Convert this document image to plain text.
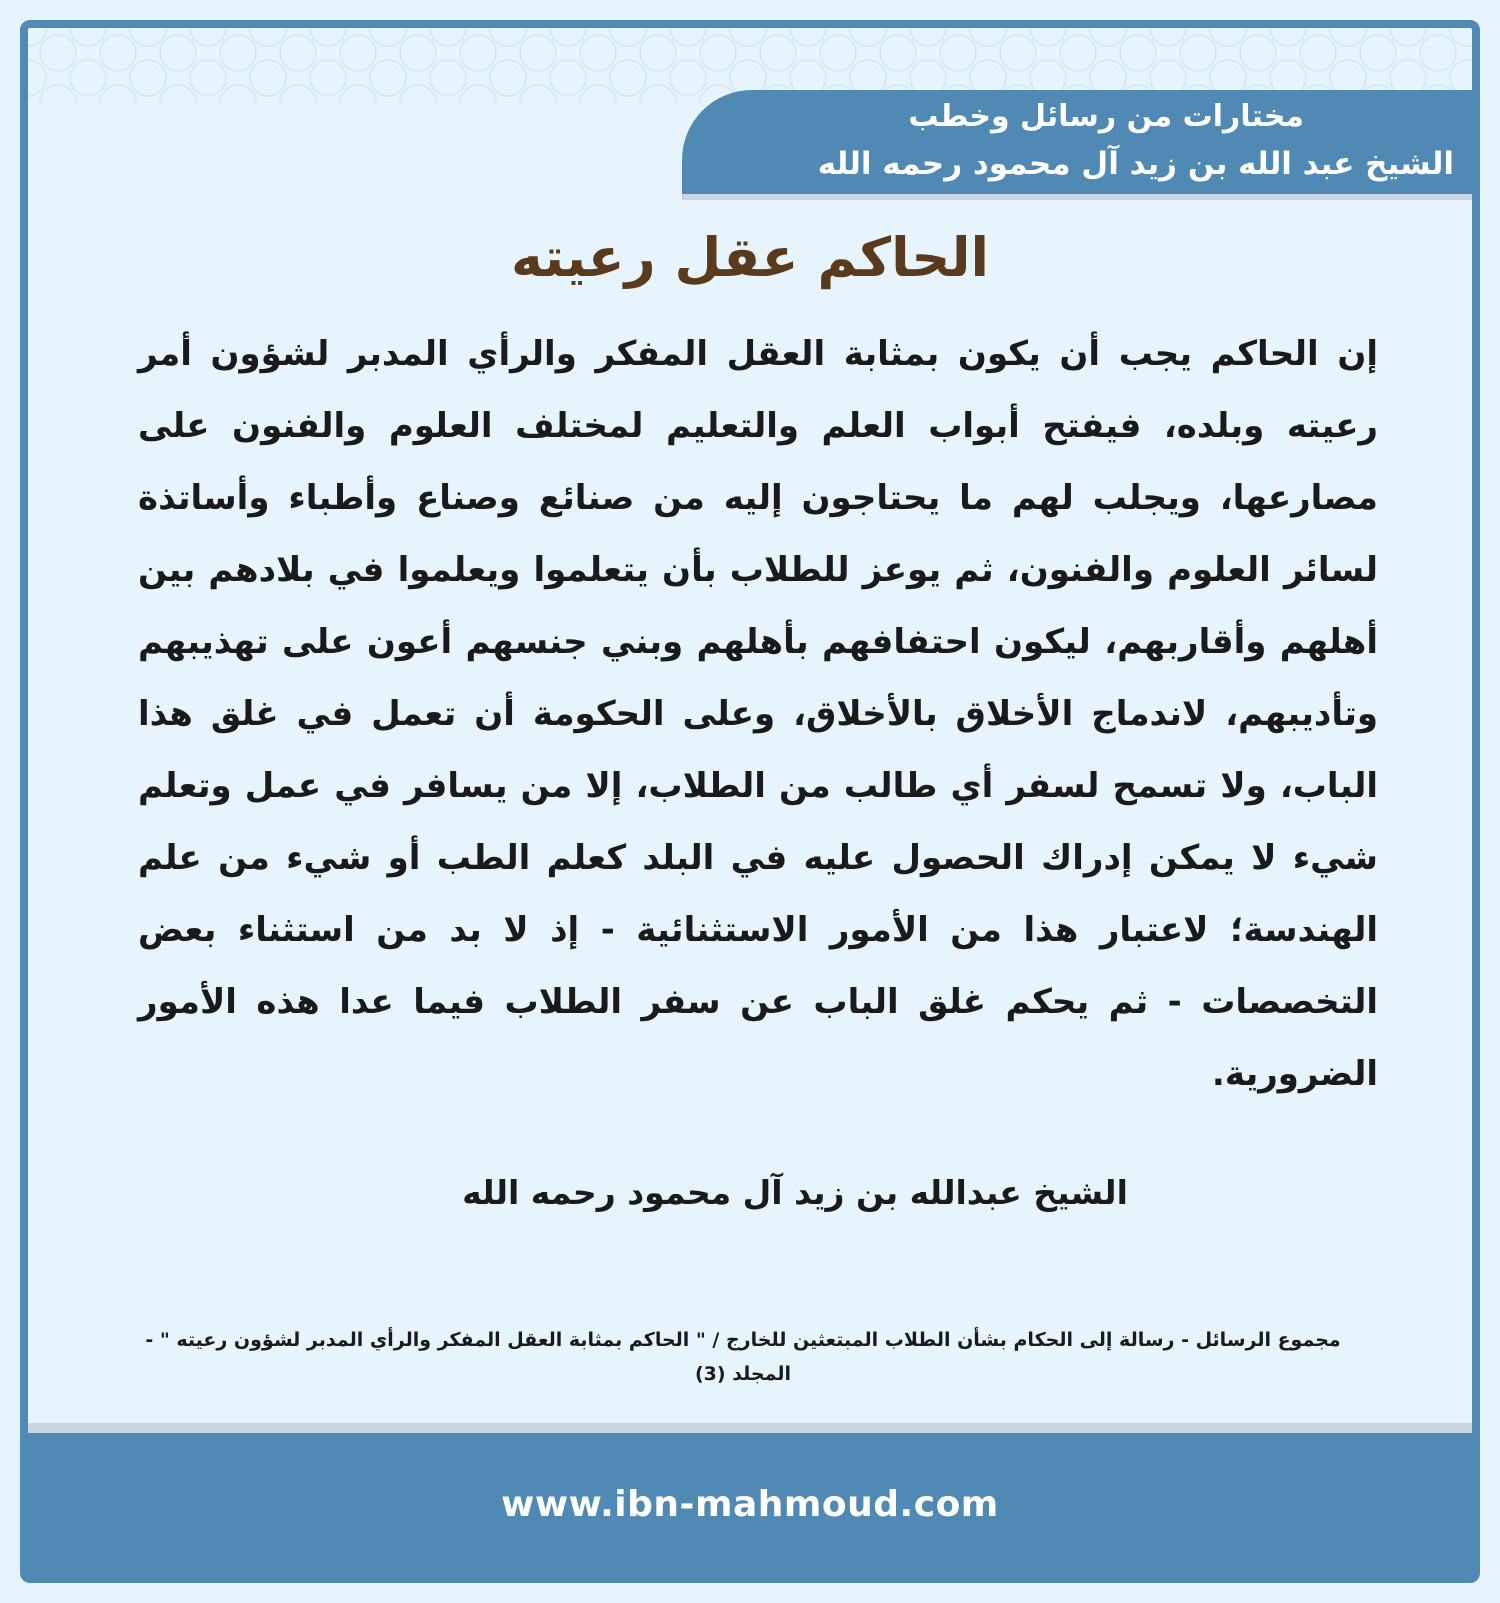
مختارات من رسائل وخطب
الشيخ عبد الله بن زيد آل محمود رحمه الله
الحاكم عقل رعيته
إن الحاكم يجب أن يكون بمثابة العقل المفكر والرأي المدبر لشؤون أمر رعيته وبلده، فيفتح أبواب العلم والتعليم لمختلف العلوم والفنون على مصارعها، ويجلب لهم ما يحتاجون إليه من صنائع وصناع وأطباء وأساتذة لسائر العلوم والفنون، ثم يوعز للطلاب بأن يتعلموا ويعلموا في بلادهم بين أهلهم وأقاربهم، ليكون احتفافهم بأهلهم وبني جنسهم أعون على تهذيبهم وتأديبهم، لاندماج الأخلاق بالأخلاق، وعلى الحكومة أن تعمل في غلق هذا الباب، ولا تسمح لسفر أي طالب من الطلاب، إلا من يسافر في عمل وتعلم شيء لا يمكن إدراك الحصول عليه في البلد كعلم الطب أو شيء من علم الهندسة؛ لاعتبار هذا من الأمور الاستثنائية - إذ لا بد من استثناء بعض التخصصات - ثم يحكم غلق الباب عن سفر الطلاب فيما عدا هذه الأمور الضرورية.
الشيخ عبدالله بن زيد آل محمود رحمه الله
مجموع الرسائل - رسالة إلى الحكام بشأن الطلاب المبتعثين للخارج / " الحاكم بمثابة العقل المفكر والرأي المدبر لشؤون رعيته " - المجلد (3)
www.ibn-mahmoud.com
